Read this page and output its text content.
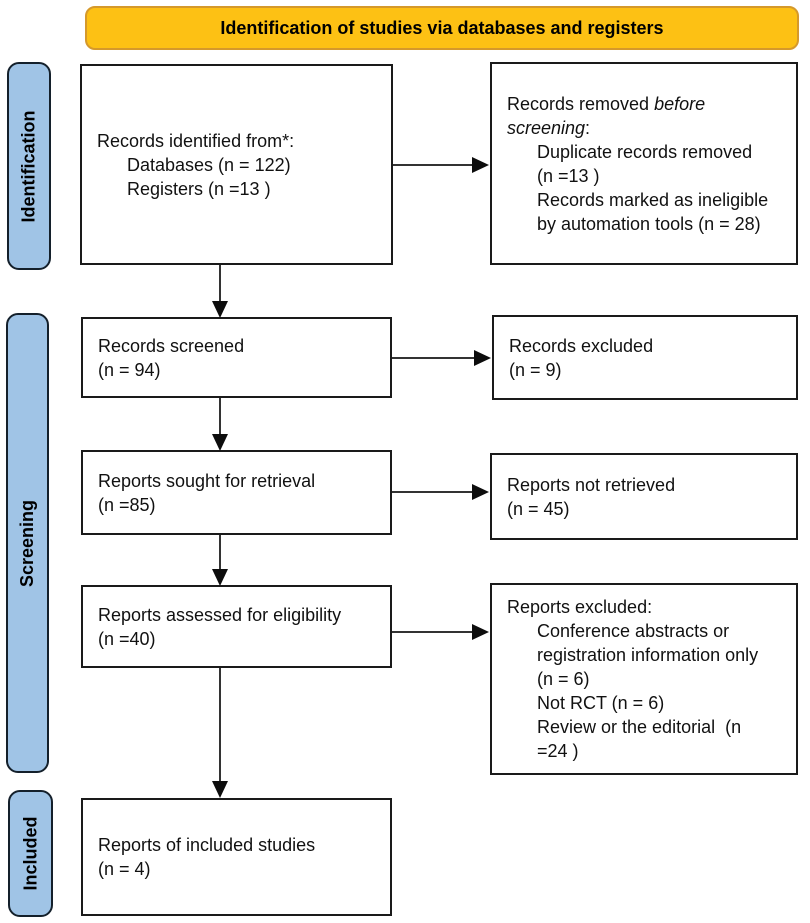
Identification of studies via databases and registers
Identification
Screening
Included
Records identified from*:
Databases (n = 122)
Registers (n =13 )
Records screened
(n = 94)
Reports sought for retrieval
(n =85)
Reports assessed for eligibility
(n =40)
Reports of included studies
(n = 4)
Records removed before
screening:
Duplicate records removed
(n =13 )
Records marked as ineligible
by automation tools (n = 28)
Records excluded
(n = 9)
Reports not retrieved
(n = 45)
Reports excluded:
Conference abstracts or
registration information only
(n = 6)
Not RCT (n = 6)
Review or the editorial  (n
=24 )
